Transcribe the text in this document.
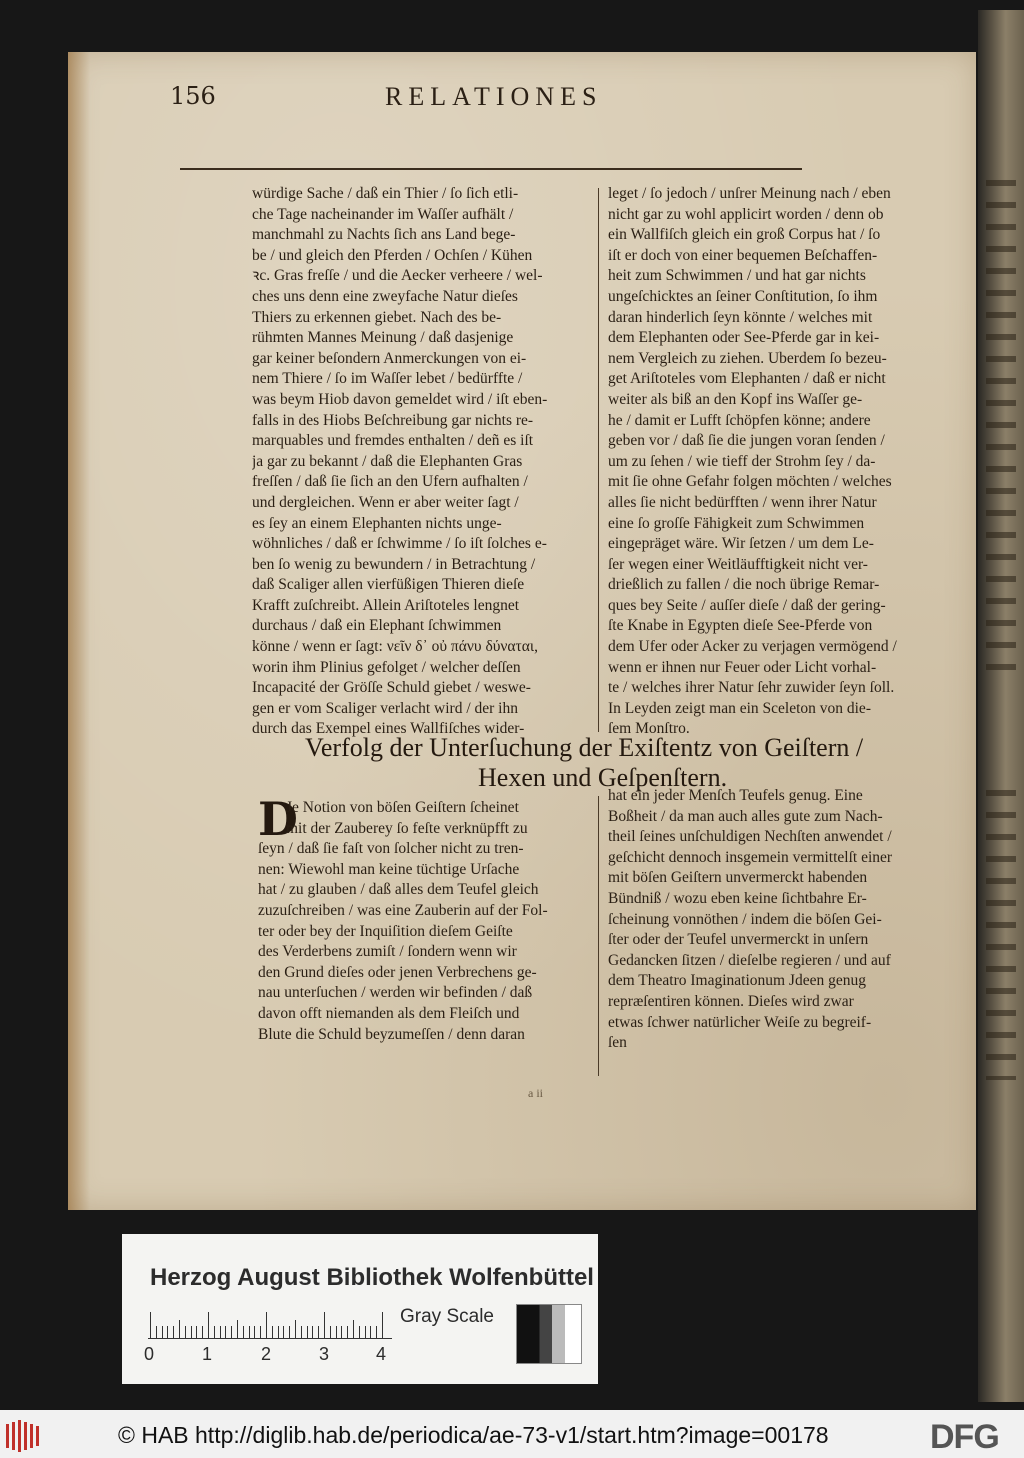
156	RELATIONES
würdige Sache / daß ein Thier / ſo ſich etli-
che Tage nacheinander im Waſſer aufhält /
manchmahl zu Nachts ſich ans Land bege-
be / und gleich den Pferden / Ochſen / Kühen
ꝛc. Gras freſſe / und die Aecker verheere / wel-
ches uns denn eine zweyfache Natur dieſes
Thiers zu erkennen giebet. Nach des be-
rühmten Mannes Meinung / daß dasjenige
gar keiner beſondern Anmerckungen von ei-
nem Thiere / ſo im Waſſer lebet / bedürffte /
was beym Hiob davon gemeldet wird / iſt eben-
falls in des Hiobs Beſchreibung gar nichts re-
marquables und fremdes enthalten / deñ es iſt
ja gar zu bekannt / daß die Elephanten Gras
freſſen / daß ſie ſich an den Ufern aufhalten /
und dergleichen. Wenn er aber weiter ſagt /
es ſey an einem Elephanten nichts unge-
wöhnliches / daß er ſchwimme / ſo iſt ſolches e-
ben ſo wenig zu bewundern / in Betrachtung /
daß Scaliger allen vierfüßigen Thieren dieſe
Krafft zuſchreibt. Allein Ariſtoteles lengnet
durchaus / daß ein Elephant ſchwimmen
könne / wenn er ſagt: νεῖν δ᾽ οὐ πάνυ δύναται,
worin ihm Plinius gefolget / welcher deſſen
Incapacité der Gröſſe Schuld giebet / weswe-
gen er vom Scaliger verlacht wird / der ihn
durch das Exempel eines Wallfiſches wider-
leget / ſo jedoch / unſrer Meinung nach / eben
nicht gar zu wohl applicirt worden / denn ob
ein Wallfiſch gleich ein groß Corpus hat / ſo
iſt er doch von einer bequemen Beſchaffen-
heit zum Schwimmen / und hat gar nichts
ungeſchicktes an ſeiner Conſtitution, ſo ihm
daran hinderlich ſeyn könnte / welches mit
dem Elephanten oder See-Pferde gar in kei-
nem Vergleich zu ziehen. Uberdem ſo bezeu-
get Ariſtoteles vom Elephanten / daß er nicht
weiter als biß an den Kopf ins Waſſer ge-
he / damit er Lufft ſchöpfen könne; andere
geben vor / daß ſie die jungen voran ſenden /
um zu ſehen / wie tieff der Strohm ſey / da-
mit ſie ohne Gefahr folgen möchten / welches
alles ſie nicht bedürfften / wenn ihrer Natur
eine ſo groſſe Fähigkeit zum Schwimmen
eingepräget wäre. Wir ſetzen / um dem Le-
ſer wegen einer Weitläufftigkeit nicht ver-
drießlich zu fallen / die noch übrige Remar-
ques bey Seite / auſſer dieſe / daß der gering-
ſte Knabe in Egypten dieſe See-Pferde von
dem Ufer oder Acker zu verjagen vermögend /
wenn er ihnen nur Feuer oder Licht vorhal-
te / welches ihrer Natur ſehr zuwider ſeyn ſoll.
In Leyden zeigt man ein Sceleton von die-
ſem Monſtro.
Verfolg der Unterſuchung der Exiſtentz von Geiſtern /
Hexen und Geſpenſtern.
D
Je Notion von böſen Geiſtern ſcheinet
mit der Zauberey ſo feſte verknüpfft zu
ſeyn / daß ſie faſt von ſolcher nicht zu tren-
nen: Wiewohl man keine tüchtige Urſache
hat / zu glauben / daß alles dem Teufel gleich
zuzuſchreiben / was eine Zauberin auf der Fol-
ter oder bey der Inquiſition dieſem Geiſte
des Verderbens zumiſt / ſondern wenn wir
den Grund dieſes oder jenen Verbrechens ge-
nau unterſuchen / werden wir befinden / daß
davon offt niemanden als dem Fleiſch und
Blute die Schuld beyzumeſſen / denn daran
hat ein jeder Menſch Teufels genug. Eine
Boßheit / da man auch alles gute zum Nach-
theil ſeines unſchuldigen Nechſten anwendet /
geſchicht dennoch insgemein vermittelſt einer
mit böſen Geiſtern unvermerckt habenden
Bündniß / wozu eben keine ſichtbahre Er-
ſcheinung vonnöthen / indem die böſen Gei-
ſter oder der Teufel unvermerckt in unſern
Gedancken ſitzen / dieſelbe regieren / und auf
dem Theatro Imaginationum Jdeen genug
repræſentiren können. Dieſes wird zwar
etwas ſchwer natürlicher Weiſe zu begreif-
ſen
a ii
Herzog August Bibliothek Wolfenbüttel
0	1	2	3	4
Gray Scale
© HAB http://diglib.hab.de/periodica/ae-73-v1/start.htm?image=00178	DFG
